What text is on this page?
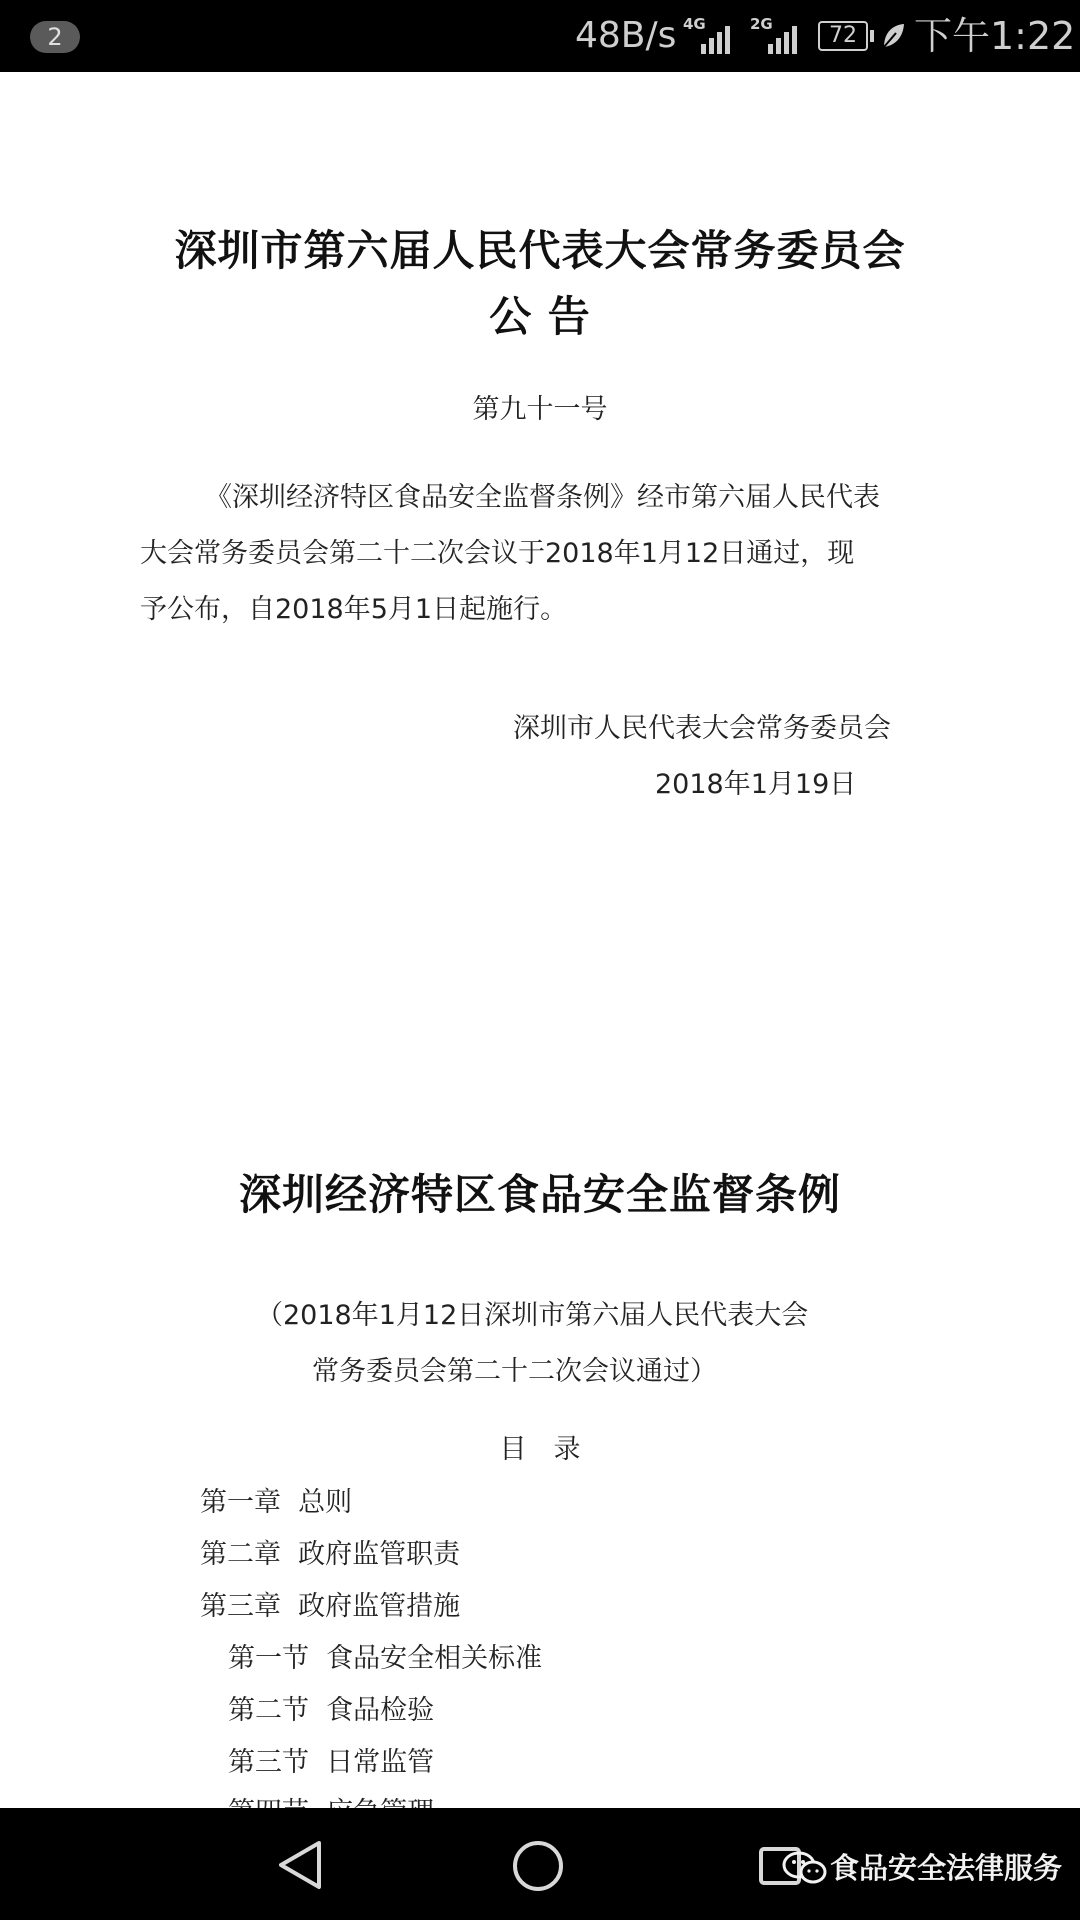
2	48B/s 4G	2G	72 下午1:22
深圳市第六届人民代表大会常务委员会
公 告
第九十一号
《深圳经济特区食品安全监督条例》经市第六届人民代表
大会常务委员会第二十二次会议于2018年1月12日通过，现
予公布，自2018年5月1日起施行。
深圳市人民代表大会常务委员会
2018年1月19日
深圳经济特区食品安全监督条例
（2018年1月12日深圳市第六届人民代表大会
常务委员会第二十二次会议通过）
目　录
第一章 总则
第二章 政府监管职责
第三章 政府监管措施
第一节 食品安全相关标准
第二节 食品检验
第三节 日常监管

食品安全法律服务
